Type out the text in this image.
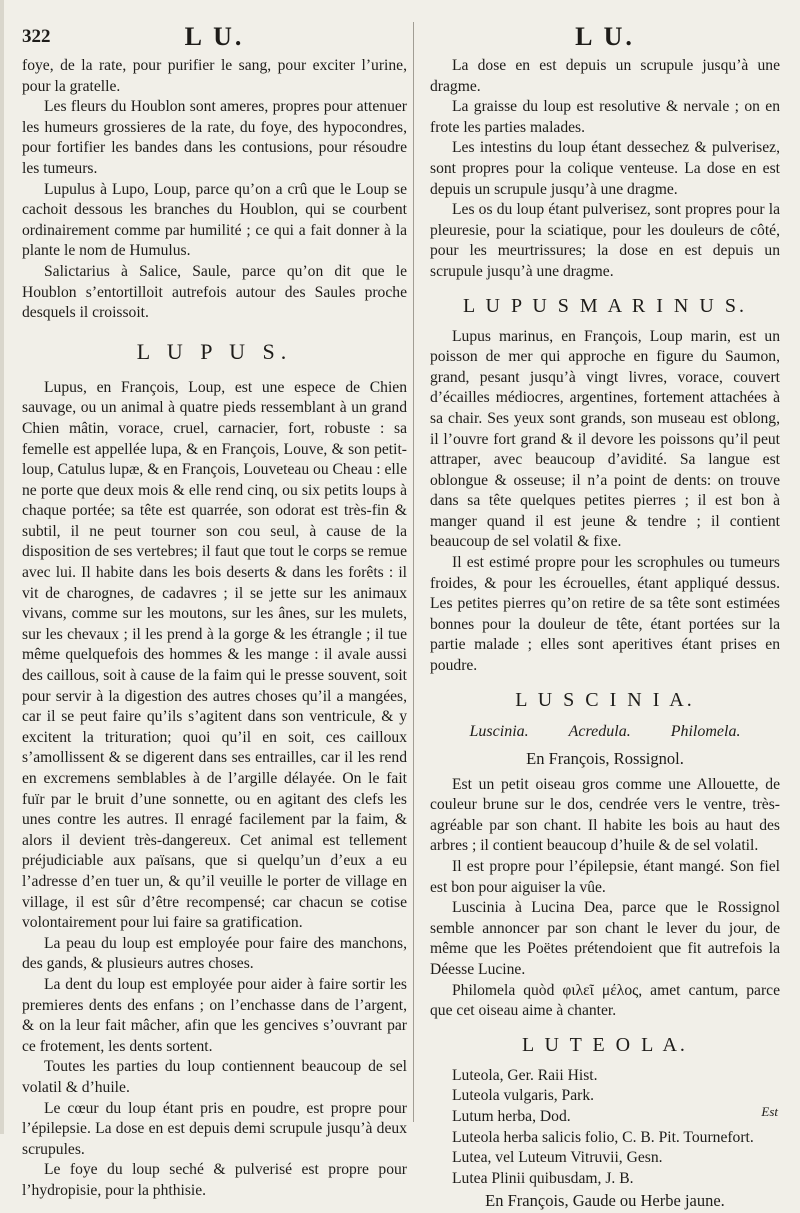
322	L U.

foye, de la rate, pour purifier le sang, pour exciter l’urine, pour la gratelle.

Les fleurs du Houblon sont ameres, propres pour attenuer les humeurs grossieres de la rate, du foye, des hypocondres, pour fortifier les bandes dans les contusions, pour résoudre les tumeurs.

Lupulus à Lupo, Loup, parce qu’on a crû que le Loup se cachoit dessous les branches du Houblon, qui se courbent ordinairement comme par humilité ; ce qui a fait donner à la plante le nom de Humulus.

Salictarius à Salice, Saule, parce qu’on dit que le Houblon s’entortilloit autrefois autour des Saules proche desquels il croissoit.

L U P U S.

Lupus, en François, Loup, est une espece de Chien sauvage, ou un animal à quatre pieds ressemblant à un grand Chien mâtin, vorace, cruel, carnacier, fort, robuste : sa femelle est appellée lupa, & en François, Louve, & son petit-loup, Catulus lupæ, & en François, Louveteau ou Cheau : elle ne porte que deux mois & elle rend cinq, ou six petits loups à chaque portée; sa tête est quarrée, son odorat est très-fin & subtil, il ne peut tourner son cou seul, à cause de la disposition de ses vertebres; il faut que tout le corps se remue avec lui. Il habite dans les bois deserts & dans les forêts : il vit de charognes, de cadavres ; il se jette sur les animaux vivans, comme sur les moutons, sur les ânes, sur les mulets, sur les chevaux ; il les prend à la gorge & les étrangle ; il tue même quelquefois des hommes & les mange : il avale aussi des caillous, soit à cause de la faim qui le presse souvent, soit pour servir à la digestion des autres choses qu’il a mangées, car il se peut faire qu’ils s’agitent dans son ventricule, & y excitent la trituration; quoi qu’il en soit, ces cailloux s’amollissent & se digerent dans ses entrailles, car il les rend en excremens semblables à de l’argille délayée. On le fait fuïr par le bruit d’une sonnette, ou en agitant des clefs les unes contre les autres. Il enragé facilement par la faim, & alors il devient très-dangereux. Cet animal est tellement préjudiciable aux païsans, que si quelqu’un d’eux a eu l’adresse d’en tuer un, & qu’il veuille le porter de village en village, il est sûr d’être recompensé; car chacun se cotise volontairement pour lui faire sa gratification.

La peau du loup est employée pour faire des manchons, des gands, & plusieurs autres choses.

La dent du loup est employée pour aider à faire sortir les premieres dents des enfans ; on l’enchasse dans de l’argent, & on la leur fait mâcher, afin que les gencives s’ouvrant par ce frotement, les dents sortent.

Toutes les parties du loup contiennent beaucoup de sel volatil & d’huile.

Le cœur du loup étant pris en poudre, est propre pour l’épilepsie. La dose en est depuis demi scrupule jusqu’à deux scrupules.

Le foye du loup seché & pulverisé est propre pour l’hydropisie, pour la phthisie.

L U.

La dose en est depuis un scrupule jusqu’à une dragme.

La graisse du loup est resolutive & nervale ; on en frote les parties malades.

Les intestins du loup étant dessechez & pulverisez, sont propres pour la colique venteuse. La dose en est depuis un scrupule jusqu’à une dragme.

Les os du loup étant pulverisez, sont propres pour la pleuresie, pour la sciatique, pour les douleurs de côté, pour les meurtrissures; la dose en est depuis un scrupule jusqu’à une dragme.

L U P U S M A R I N U S.

Lupus marinus, en François, Loup marin, est un poisson de mer qui approche en figure du Saumon, grand, pesant jusqu’à vingt livres, vorace, couvert d’écailles médiocres, argentines, fortement attachées à sa chair. Ses yeux sont grands, son museau est oblong, il l’ouvre fort grand & il devore les poissons qu’il peut attraper, avec beaucoup d’avidité. Sa langue est oblongue & osseuse; il n’a point de dents: on trouve dans sa tête quelques petites pierres ; il est bon à manger quand il est jeune & tendre ; il contient beaucoup de sel volatil & fixe.

Il est estimé propre pour les scrophules ou tumeurs froides, & pour les écrouelles, étant appliqué dessus. Les petites pierres qu’on retire de sa tête sont estimées bonnes pour la douleur de tête, étant portées sur la partie malade ; elles sont aperitives étant prises en poudre.

L U S C I N I A.
Luscinia.	Acredula.	Philomela.
En François, Rossignol.

Est un petit oiseau gros comme une Allouette, de couleur brune sur le dos, cendrée vers le ventre, très-agréable par son chant. Il habite les bois au haut des arbres ; il contient beaucoup d’huile & de sel volatil.

Il est propre pour l’épilepsie, étant mangé. Son fiel est bon pour aiguiser la vûe.

Luscinia à Lucina Dea, parce que le Rossignol semble annoncer par son chant le lever du jour, de même que les Poëtes prétendoient que fit autrefois la Déesse Lucine.

Philomela quòd φιλεῖ μέλος, amet cantum, parce que cet oiseau aime à chanter.

L U T E O L A.

Luteola, Ger. Raii Hist.

Luteola vulgaris, Park.

Lutum herba, Dod.

Luteola herba salicis folio, C. B. Pit. Tournefort.

Lutea, vel Luteum Vitruvii, Gesn.

Lutea Plinii quibusdam, J. B.

En François, Gaude ou Herbe jaune.
Est
